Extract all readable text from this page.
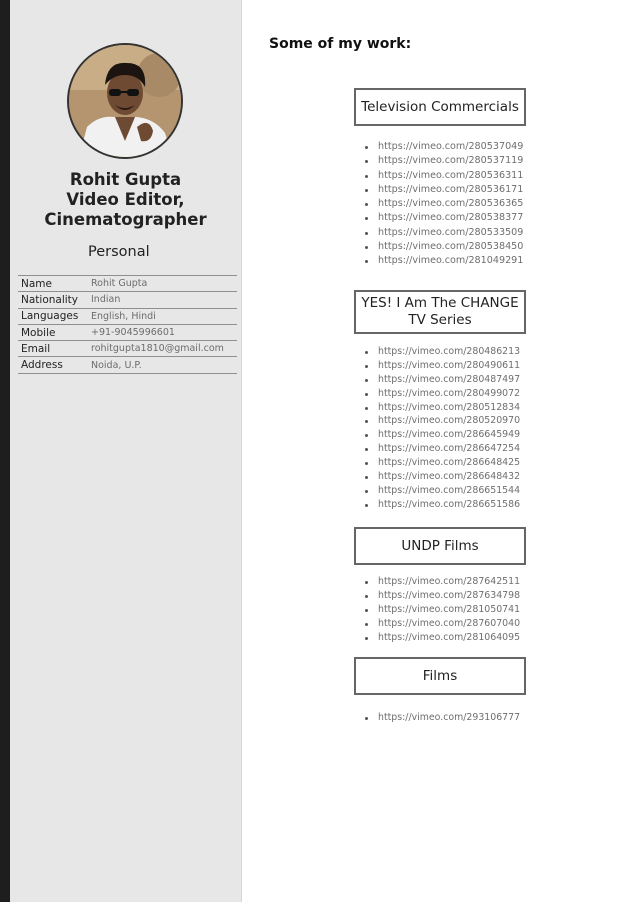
Rohit Gupta
Video Editor,
Cinematographer
Personal
Name	Rohit Gupta
Nationality	Indian
Languages	English, Hindi
Mobile	+91-9045996601
Email	rohitgupta1810@gmail.com
Address	Noida, U.P.
Some of my work:
Television Commercials
https://vimeo.com/280537049
https://vimeo.com/280537119
https://vimeo.com/280536311
https://vimeo.com/280536171
https://vimeo.com/280536365
https://vimeo.com/280538377
https://vimeo.com/280533509
https://vimeo.com/280538450
https://vimeo.com/281049291
YES! I Am The CHANGE
TV Series
https://vimeo.com/280486213
https://vimeo.com/280490611
https://vimeo.com/280487497
https://vimeo.com/280499072
https://vimeo.com/280512834
https://vimeo.com/280520970
https://vimeo.com/286645949
https://vimeo.com/286647254
https://vimeo.com/286648425
https://vimeo.com/286648432
https://vimeo.com/286651544
https://vimeo.com/286651586
UNDP Films
https://vimeo.com/287642511
https://vimeo.com/287634798
https://vimeo.com/281050741
https://vimeo.com/287607040
https://vimeo.com/281064095
Films
https://vimeo.com/293106777
